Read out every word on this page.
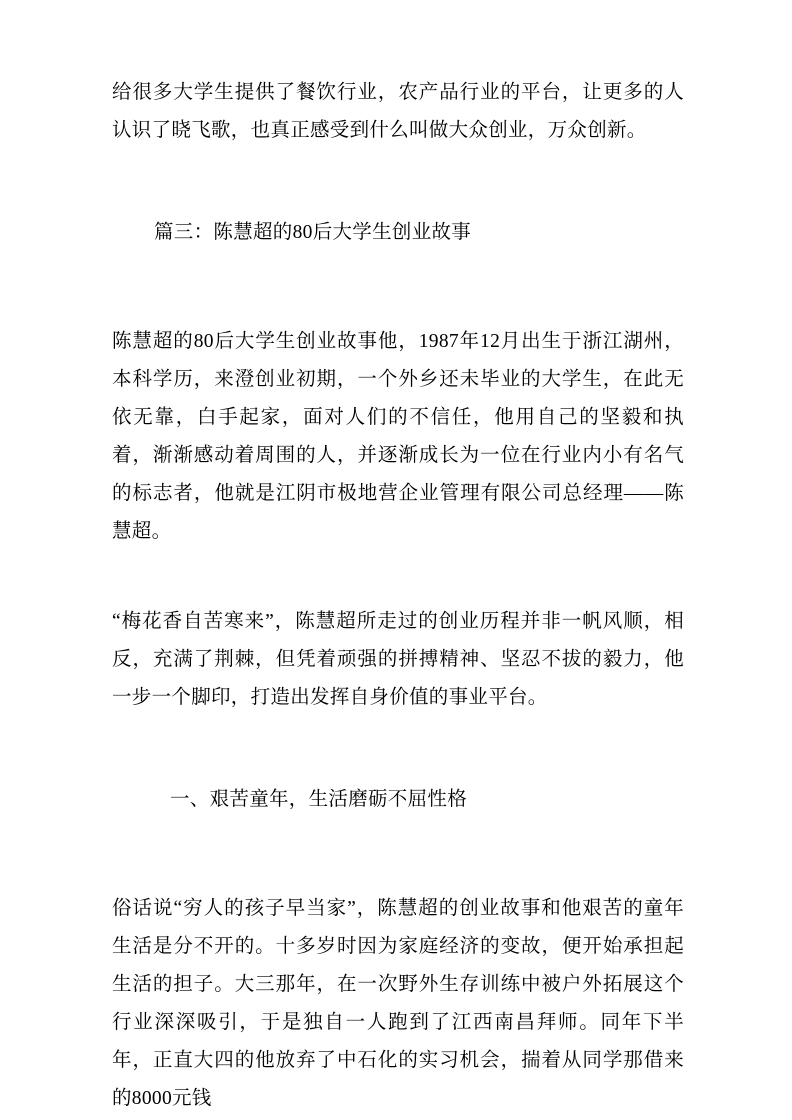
给很多大学生提供了餐饮行业，农产品行业的平台，让更多的人认识了晓飞歌，也真正感受到什么叫做大众创业，万众创新。

篇三：陈慧超的80后大学生创业故事

陈慧超的80后大学生创业故事他，1987年12月出生于浙江湖州，本科学历，来澄创业初期，一个外乡还未毕业的大学生，在此无依无靠，白手起家，面对人们的不信任，他用自己的坚毅和执着，渐渐感动着周围的人，并逐渐成长为一位在行业内小有名气的标志者，他就是江阴市极地营企业管理有限公司总经理——陈慧超。

“梅花香自苦寒来”，陈慧超所走过的创业历程并非一帆风顺，相反，充满了荆棘，但凭着顽强的拼搏精神、坚忍不拔的毅力，他一步一个脚印，打造出发挥自身价值的事业平台。

一、艰苦童年，生活磨砺不屈性格

俗话说“穷人的孩子早当家”，陈慧超的创业故事和他艰苦的童年生活是分不开的。十多岁时因为家庭经济的变故，便开始承担起生活的担子。大三那年，在一次野外生存训练中被户外拓展这个行业深深吸引，于是独自一人跑到了江西南昌拜师。同年下半年，正直大四的他放弃了中石化的实习机会，揣着从同学那借来的8000元钱
